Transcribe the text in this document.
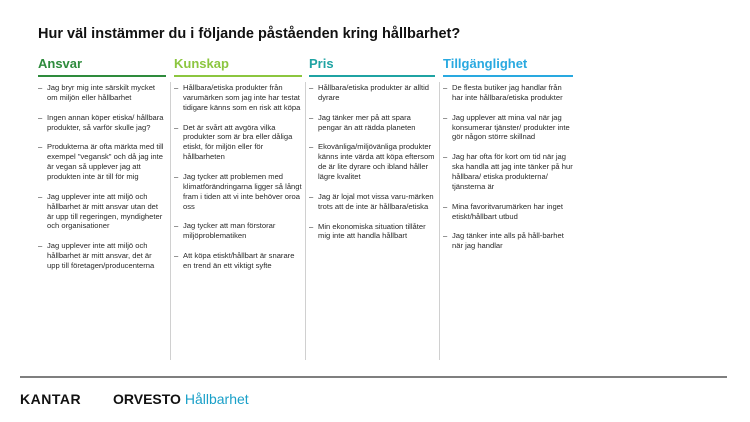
Hur väl instämmer du i följande påståenden kring hållbarhet?
Ansvar
– Jag bryr mig inte särskilt mycket om miljön eller hållbarhet
– Ingen annan köper etiska/ hållbara produkter, så varför skulle jag?
– Produkterna är ofta märkta med till exempel "vegansk" och då jag inte är vegan så upplever jag att produkten inte är till för mig
– Jag upplever inte att miljö och hållbarhet är mitt ansvar utan det är upp till regeringen, myndigheter och organisationer
– Jag upplever inte att miljö och hållbarhet är mitt ansvar, det är upp till företagen/producenterna
Kunskap
– Hållbara/etiska produkter från varumärken som jag inte har testat tidigare känns som en risk att köpa
– Det är svårt att avgöra vilka produkter som är bra eller dåliga etiskt, för miljön eller för hållbarheten
– Jag tycker att problemen med klimatförändringarna ligger så långt fram i tiden att vi inte behöver oroa oss
– Jag tycker att man förstorar miljöproblematiken
– Att köpa etiskt/hållbart är snarare en trend än ett viktigt syfte
Pris
– Hållbara/etiska produkter är alltid dyrare
– Jag tänker mer på att spara pengar än att rädda planeten
– Ekovänliga/miljövänliga produkter känns inte värda att köpa eftersom de är lite dyrare och ibland håller lägre kvalitet
– Jag är lojal mot vissa varu-märken trots att de inte är hållbara/etiska
– Min ekonomiska situation tillåter mig inte att handla hållbart
Tillgänglighet
– De flesta butiker jag handlar från har inte hållbara/etiska produkter
– Jag upplever att mina val när jag konsumerar tjänster/ produkter inte gör någon större skillnad
– Jag har ofta för kort om tid när jag ska handla att jag inte tänker på hur hållbara/ etiska produkterna/ tjänsterna är
– Mina favoritvarumärken har inget etiskt/hållbart utbud
– Jag tänker inte alls på håll-barhet när jag handlar
KANTAR ORVESTO Hållbarhet
